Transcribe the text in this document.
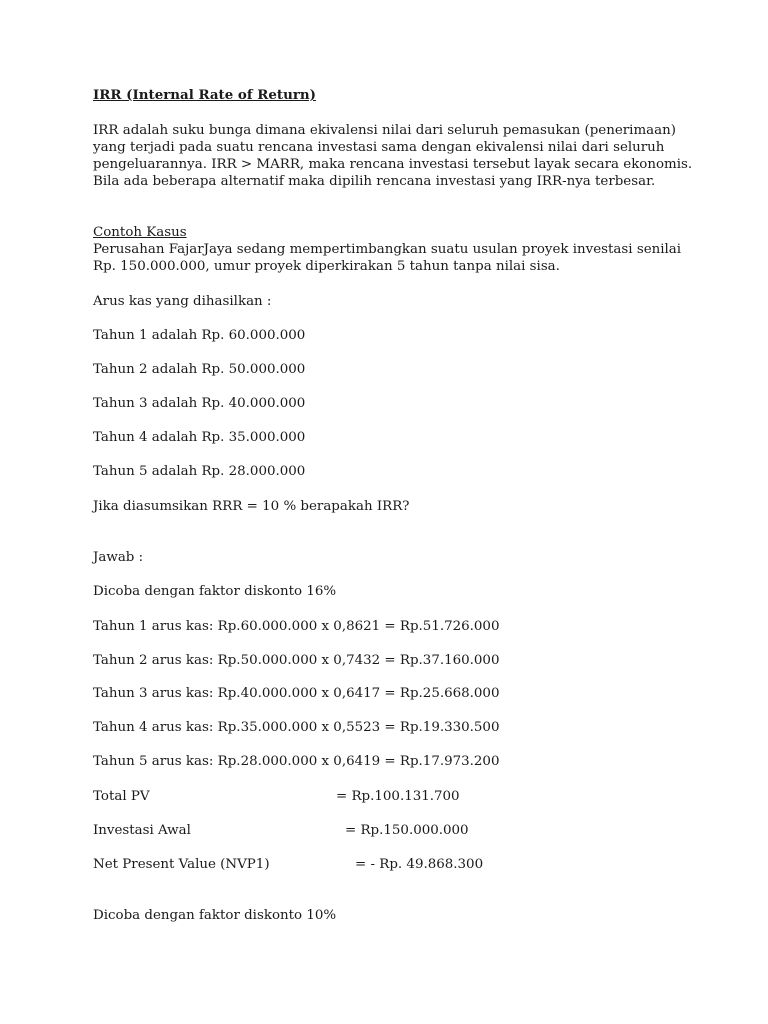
IRR (Internal Rate of Return)
IRR adalah suku bunga dimana ekivalensi nilai dari seluruh pemasukan (penerimaan)
yang terjadi pada suatu rencana investasi sama dengan ekivalensi nilai dari seluruh
pengeluarannya. IRR > MARR, maka rencana investasi tersebut layak secara ekonomis.
Bila ada beberapa alternatif maka dipilih rencana investasi yang IRR-nya terbesar.
Contoh Kasus
Perusahan FajarJaya sedang mempertimbangkan suatu usulan proyek investasi senilai
Rp. 150.000.000, umur proyek diperkirakan 5 tahun tanpa nilai sisa.
Arus kas yang dihasilkan :
Tahun 1 adalah Rp. 60.000.000
Tahun 2 adalah Rp. 50.000.000
Tahun 3 adalah Rp. 40.000.000
Tahun 4 adalah Rp. 35.000.000
Tahun 5 adalah Rp. 28.000.000
Jika diasumsikan RRR = 10 % berapakah IRR?
Jawab :
Dicoba dengan faktor diskonto 16%
Tahun 1 arus kas: Rp.60.000.000 x 0,8621 = Rp.51.726.000
Tahun 2 arus kas: Rp.50.000.000 x 0,7432 = Rp.37.160.000
Tahun 3 arus kas: Rp.40.000.000 x 0,6417 = Rp.25.668.000
Tahun 4 arus kas: Rp.35.000.000 x 0,5523 = Rp.19.330.500
Tahun 5 arus kas: Rp.28.000.000 x 0,6419 = Rp.17.973.200
Total PV	= Rp.100.131.700
Investasi Awal	= Rp.150.000.000
Net Present Value (NVP1)	= - Rp. 49.868.300
Dicoba dengan faktor diskonto 10%
